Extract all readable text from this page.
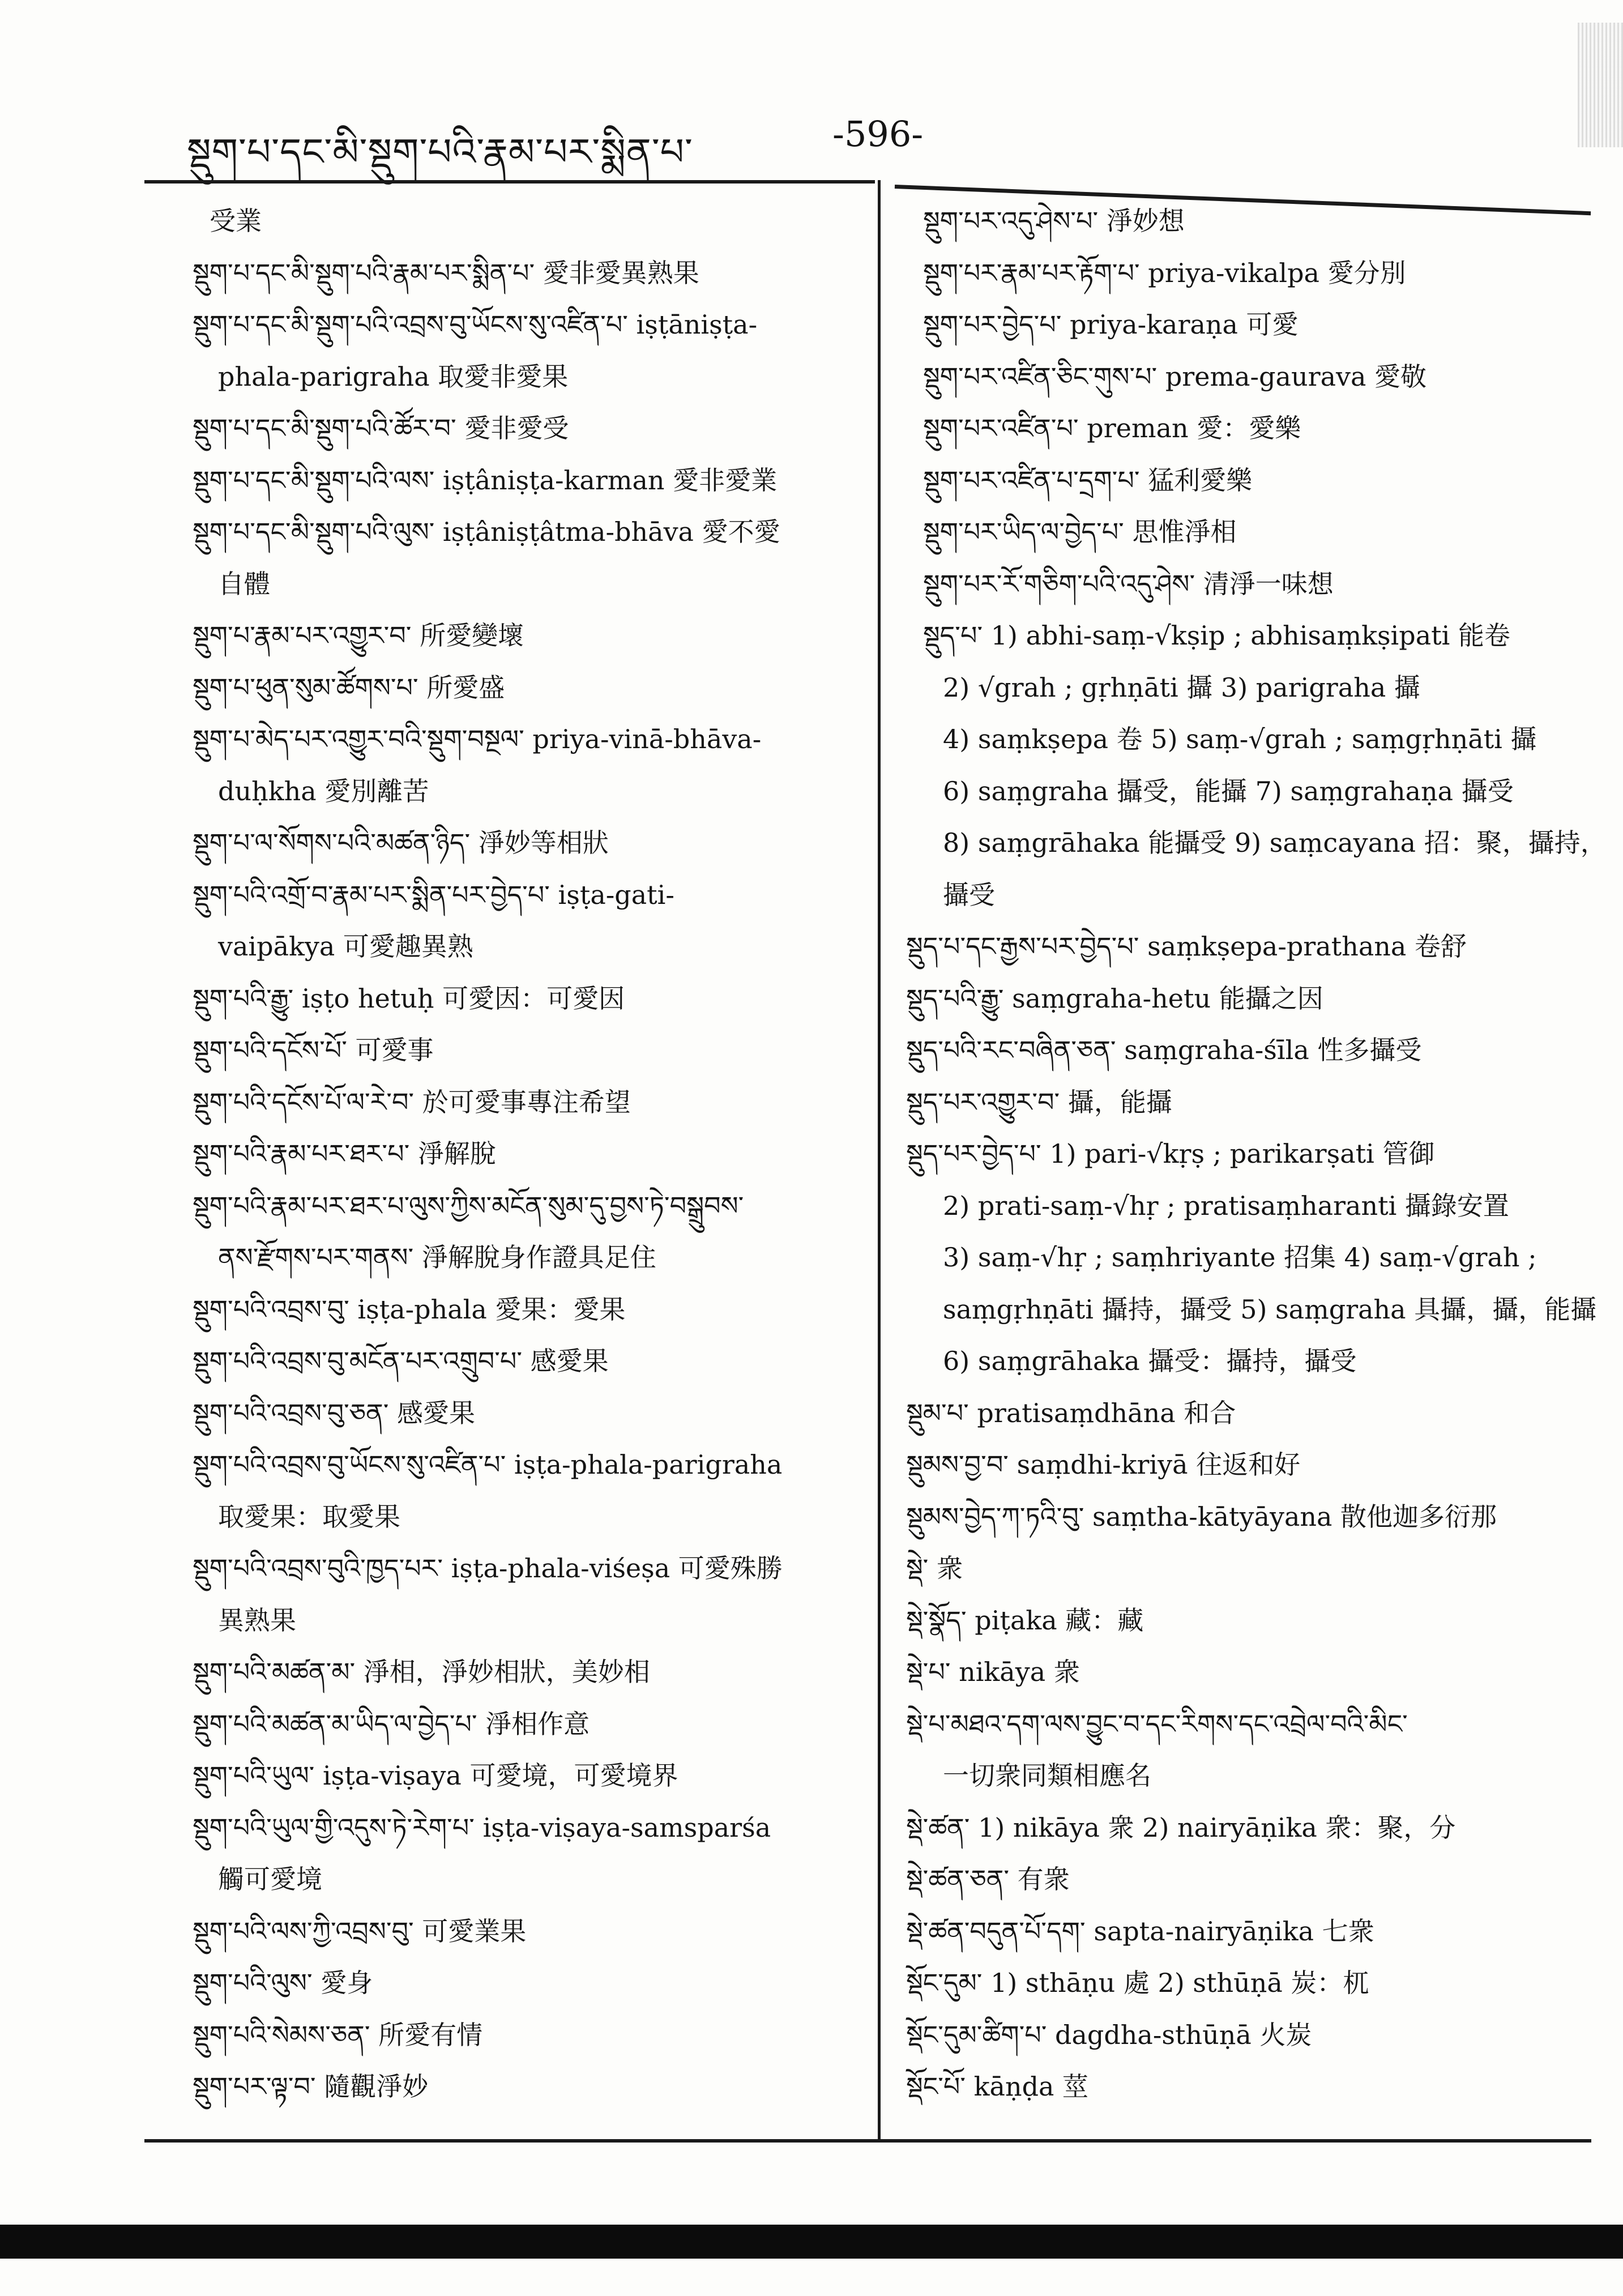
སྡུག་པ་དང་མི་སྡུག་པའི་རྣམ་པར་སྨིན་པ་	-596-
受業
སྡུག་པ་དང་མི་སྡུག་པའི་རྣམ་པར་སྨིན་པ་ 愛非愛異熟果
སྡུག་པ་དང་མི་སྡུག་པའི་འབྲས་བུ་ཡོངས་སུ་འཛིན་པ་ iṣṭāniṣṭa-
phala-parigraha 取愛非愛果
སྡུག་པ་དང་མི་སྡུག་པའི་ཚོར་བ་ 愛非愛受
སྡུག་པ་དང་མི་སྡུག་པའི་ལས་ iṣṭâniṣṭa-karman 愛非愛業
སྡུག་པ་དང་མི་སྡུག་པའི་ལུས་ iṣṭâniṣṭâtma-bhāva 愛不愛
自體
སྡུག་པ་རྣམ་པར་འགྱུར་བ་ 所愛變壞
སྡུག་པ་ཕུན་སུམ་ཚོགས་པ་ 所愛盛
སྡུག་པ་མེད་པར་འགྱུར་བའི་སྡུག་བསྔལ་ priya-vinā-bhāva-
duḥkha 愛別離苦
སྡུག་པ་ལ་སོགས་པའི་མཚན་ཉིད་ 淨妙等相狀
སྡུག་པའི་འགྲོ་བ་རྣམ་པར་སྨིན་པར་བྱེད་པ་ iṣṭa-gati-
vaipākya 可愛趣異熟
སྡུག་པའི་རྒྱུ་ iṣṭo hetuḥ 可愛因：可愛因
སྡུག་པའི་དངོས་པོ་ 可愛事
སྡུག་པའི་དངོས་པོ་ལ་རེ་བ་ 於可愛事專注希望
སྡུག་པའི་རྣམ་པར་ཐར་པ་ 淨解脫
སྡུག་པའི་རྣམ་པར་ཐར་པ་ལུས་ཀྱིས་མངོན་སུམ་དུ་བྱས་ཏེ་བསྒྲུབས་
ནས་རྫོགས་པར་གནས་ 淨解脫身作證具足住
སྡུག་པའི་འབྲས་བུ་ iṣṭa-phala 愛果：愛果
སྡུག་པའི་འབྲས་བུ་མངོན་པར་འགྲུབ་པ་ 感愛果
སྡུག་པའི་འབྲས་བུ་ཅན་ 感愛果
སྡུག་པའི་འབྲས་བུ་ཡོངས་སུ་འཛིན་པ་ iṣṭa-phala-parigraha
取愛果：取愛果
སྡུག་པའི་འབྲས་བུའི་ཁྱད་པར་ iṣṭa-phala-viśeṣa 可愛殊勝
異熟果
སྡུག་པའི་མཚན་མ་ 淨相，淨妙相狀，美妙相
སྡུག་པའི་མཚན་མ་ཡིད་ལ་བྱེད་པ་ 淨相作意
སྡུག་པའི་ཡུལ་ iṣṭa-viṣaya 可愛境，可愛境界
སྡུག་པའི་ཡུལ་གྱི་འདུས་ཏེ་རེག་པ་ iṣṭa-viṣaya-samsparśa
觸可愛境
སྡུག་པའི་ལས་ཀྱི་འབྲས་བུ་ 可愛業果
སྡུག་པའི་ལུས་ 愛身
སྡུག་པའི་སེམས་ཅན་ 所愛有情
སྡུག་པར་ལྟ་བ་ 隨觀淨妙
སྡུག་པར་འདུ་ཤེས་པ་ 淨妙想
སྡུག་པར་རྣམ་པར་རྟོག་པ་ priya-vikalpa 愛分別
སྡུག་པར་བྱེད་པ་ priya-karaṇa 可愛
སྡུག་པར་འཛིན་ཅིང་གུས་པ་ prema-gaurava 愛敬
སྡུག་པར་འཛིན་པ་ preman 愛：愛樂
སྡུག་པར་འཛིན་པ་དྲག་པ་ 猛利愛樂
སྡུག་པར་ཡིད་ལ་བྱེད་པ་ 思惟淨相
སྡུག་པར་རོ་གཅིག་པའི་འདུ་ཤེས་ 清淨一味想
སྡུད་པ་ 1) abhi-saṃ-√kṣip ; abhisaṃkṣipati 能卷
2) √grah ; gṛhṇāti 攝 3) parigraha 攝
4) saṃkṣepa 卷 5) saṃ-√grah ; saṃgṛhṇāti 攝
6) saṃgraha 攝受，能攝 7) saṃgrahaṇa 攝受
8) saṃgrāhaka 能攝受 9) saṃcayana 招：聚，攝持，
攝受
སྡུད་པ་དང་རྒྱས་པར་བྱེད་པ་ saṃkṣepa-prathana 卷舒
སྡུད་པའི་རྒྱུ་ saṃgraha-hetu 能攝之因
སྡུད་པའི་རང་བཞིན་ཅན་ saṃgraha-śīla 性多攝受
སྡུད་པར་འགྱུར་བ་ 攝，能攝
སྡུད་པར་བྱེད་པ་ 1) pari-√kṛṣ ; parikarṣati 管御
2) prati-saṃ-√hṛ ; pratisaṃharanti 攝錄安置
3) saṃ-√hṛ ; saṃhriyante 招集 4) saṃ-√grah ;
saṃgṛhṇāti 攝持，攝受 5) saṃgraha 具攝，攝，能攝
6) saṃgrāhaka 攝受：攝持，攝受
སྡུམ་པ་ pratisaṃdhāna 和合
སྡུམས་བྱ་བ་ saṃdhi-kriyā 往返和好
སྡུམས་བྱེད་ཀ་ཏའི་བུ་ saṃtha-kātyāyana 散他迦多衍那
སྡེ་ 衆
སྡེ་སྣོད་ piṭaka 藏：藏
སྡེ་པ་ nikāya 衆
སྡེ་པ་མཐའ་དག་ལས་བྱུང་བ་དང་རིགས་དང་འབྲེལ་བའི་མིང་
一切衆同類相應名
སྡེ་ཚན་ 1) nikāya 衆 2) nairyāṇika 衆：聚，分
སྡེ་ཚན་ཅན་ 有衆
སྡེ་ཚན་བདུན་པོ་དག་ sapta-nairyāṇika 七衆
སྡོང་དུམ་ 1) sthāṇu 處 2) sthūṇā 炭：杌
སྡོང་དུམ་ཚིག་པ་ dagdha-sthūṇā 火炭
སྡོང་པོ་ kāṇḍa 莖
